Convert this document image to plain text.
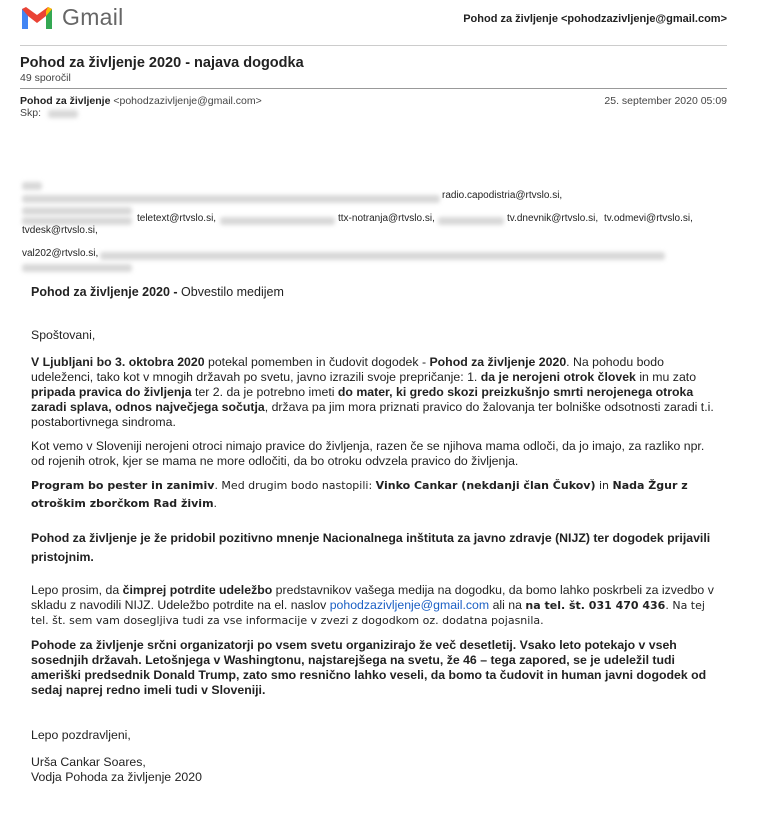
Gmail	Pohod za življenje <pohodzazivljenje@gmail.com>
Pohod za življenje 2020 - najava dogodka
49 sporočil
Pohod za življenje <pohodzazivljenje@gmail.com>	25. september 2020 05:09
Skp:
radio.capodistria@rtvslo.si,
teletext@rtvslo.si,	ttx-notranja@rtvslo.si,	tv.dnevnik@rtvslo.si, tv.odmevi@rtvslo.si,
tvdesk@rtvslo.si,
val202@rtvslo.si,

Pohod za življenje 2020 - Obvestilo medijem

Spoštovani,

V Ljubljani bo 3. oktobra 2020 potekal pomemben in čudovit dogodek - Pohod za življenje 2020. Na pohodu bodo udeleženci, tako kot v mnogih državah po svetu, javno izrazili svoje prepričanje: 1. da je nerojeni otrok človek in mu zato pripada pravica do življenja ter 2. da je potrebno imeti do mater, ki gredo skozi preizkušnjo smrti nerojenega otroka zaradi splava, odnos največjega sočutja, država pa jim mora priznati pravico do žalovanja ter bolniške odsotnosti zaradi t.i. postabortivnega sindroma.

Kot vemo v Sloveniji nerojeni otroci nimajo pravice do življenja, razen če se njihova mama odloči, da jo imajo, za razliko npr. od rojenih otrok, kjer se mama ne more odločiti, da bo otroku odvzela pravico do življenja.

Program bo pester in zanimiv. Med drugim bodo nastopili: Vinko Cankar (nekdanji član Čukov) in Nada Žgur z otroškim zborčkom Rad živim.

Pohod za življenje je že pridobil pozitivno mnenje Nacionalnega inštituta za javno zdravje (NIJZ) ter dogodek prijavili pristojnim.

Lepo prosim, da čimprej potrdite udeležbo predstavnikov vašega medija na dogodku, da bomo lahko poskrbeli za izvedbo v skladu z navodili NIJZ. Udeležbo potrdite na el. naslov pohodzazivljenje@gmail.com ali na na tel. št. 031 470 436. Na tej tel. št. sem vam dosegljiva tudi za vse informacije v zvezi z dogodkom oz. dodatna pojasnila.

Pohode za življenje srčni organizatorji po vsem svetu organizirajo že več desetletij. Vsako leto potekajo v vseh sosednjih državah. Letošnjega v Washingtonu, najstarejšega na svetu, že 46 – tega zapored, se je udeležil tudi ameriški predsednik Donald Trump, zato smo resnično lahko veseli, da bomo ta čudovit in human javni dogodek od sedaj naprej redno imeli tudi v Sloveniji.

Lepo pozdravljeni,

Urša Cankar Soares,

Vodja Pohoda za življenje 2020
